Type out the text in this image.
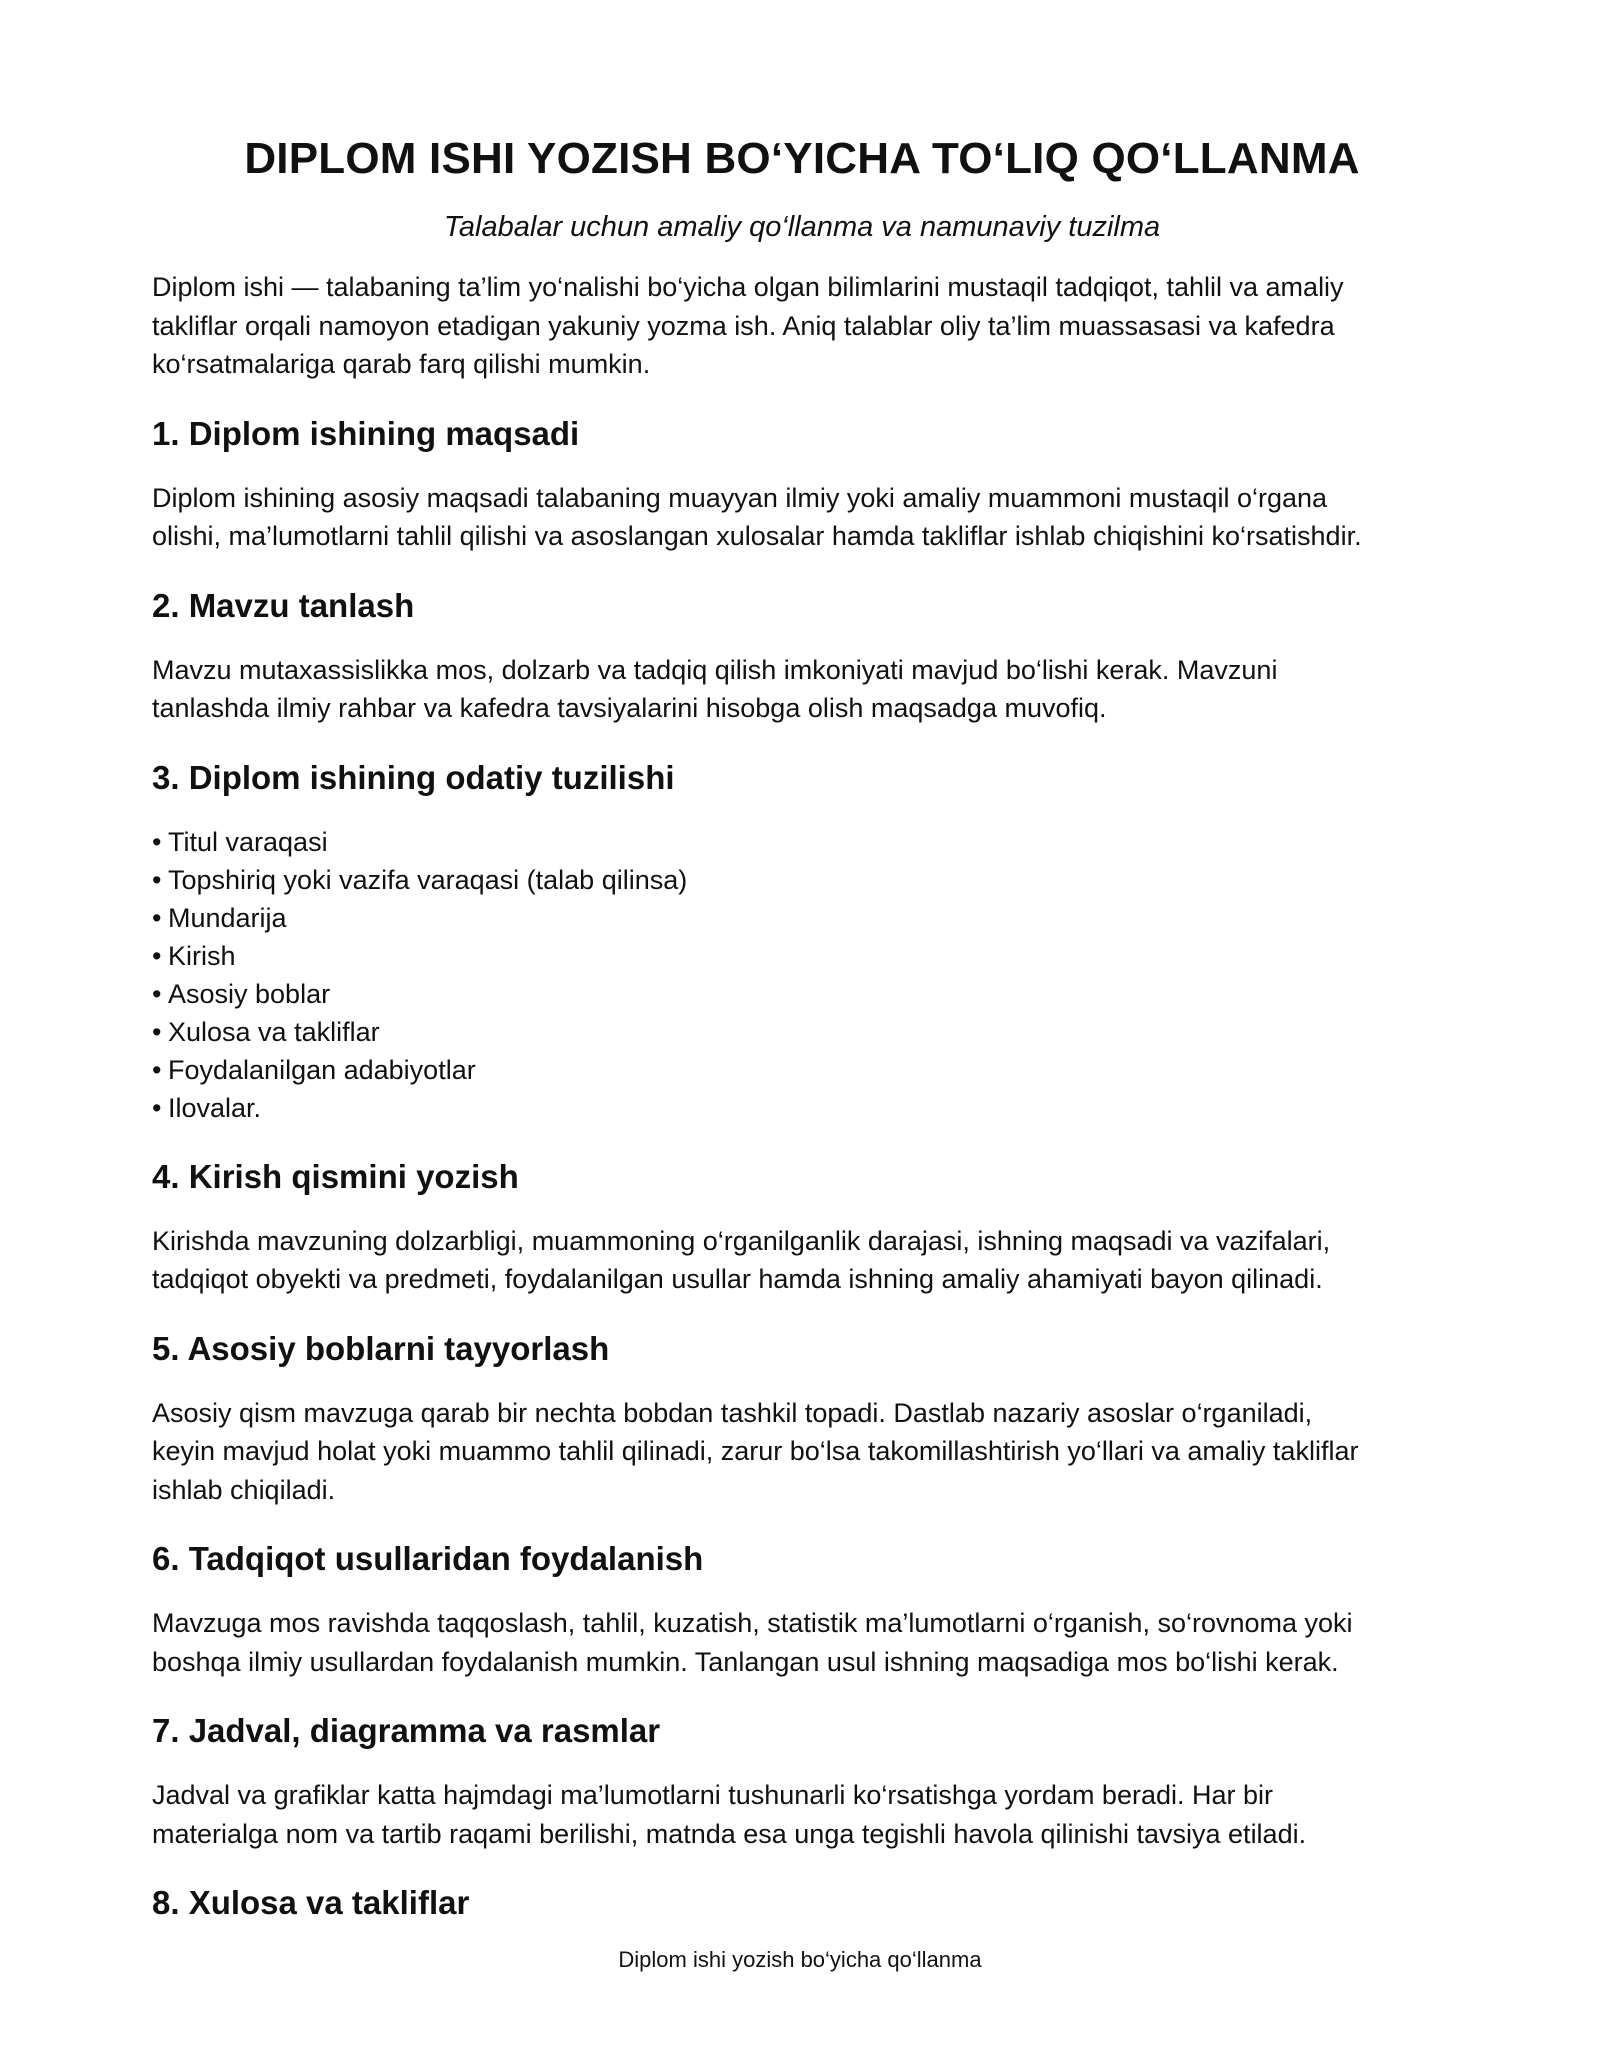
DIPLOM ISHI YOZISH BO‘YICHA TO‘LIQ QO‘LLANMA

Talabalar uchun amaliy qo‘llanma va namunaviy tuzilma

Diplom ishi — talabaning ta’lim yo‘nalishi bo‘yicha olgan bilimlarini mustaqil tadqiqot, tahlil va amaliy
takliflar orqali namoyon etadigan yakuniy yozma ish. Aniq talablar oliy ta’lim muassasasi va kafedra
ko‘rsatmalariga qarab farq qilishi mumkin.
1. Diplom ishining maqsadi
Diplom ishining asosiy maqsadi talabaning muayyan ilmiy yoki amaliy muammoni mustaqil o‘rgana
olishi, ma’lumotlarni tahlil qilishi va asoslangan xulosalar hamda takliflar ishlab chiqishini ko‘rsatishdir.
2. Mavzu tanlash
Mavzu mutaxassislikka mos, dolzarb va tadqiq qilish imkoniyati mavjud bo‘lishi kerak. Mavzuni
tanlashda ilmiy rahbar va kafedra tavsiyalarini hisobga olish maqsadga muvofiq.
3. Diplom ishining odatiy tuzilishi
• Titul varaqasi
• Topshiriq yoki vazifa varaqasi (talab qilinsa)
• Mundarija
• Kirish
• Asosiy boblar
• Xulosa va takliflar
• Foydalanilgan adabiyotlar
• Ilovalar.
4. Kirish qismini yozish
Kirishda mavzuning dolzarbligi, muammoning o‘rganilganlik darajasi, ishning maqsadi va vazifalari,
tadqiqot obyekti va predmeti, foydalanilgan usullar hamda ishning amaliy ahamiyati bayon qilinadi.
5. Asosiy boblarni tayyorlash
Asosiy qism mavzuga qarab bir nechta bobdan tashkil topadi. Dastlab nazariy asoslar o‘rganiladi,
keyin mavjud holat yoki muammo tahlil qilinadi, zarur bo‘lsa takomillashtirish yo‘llari va amaliy takliflar
ishlab chiqiladi.
6. Tadqiqot usullaridan foydalanish
Mavzuga mos ravishda taqqoslash, tahlil, kuzatish, statistik ma’lumotlarni o‘rganish, so‘rovnoma yoki
boshqa ilmiy usullardan foydalanish mumkin. Tanlangan usul ishning maqsadiga mos bo‘lishi kerak.
7. Jadval, diagramma va rasmlar
Jadval va grafiklar katta hajmdagi ma’lumotlarni tushunarli ko‘rsatishga yordam beradi. Har bir
materialga nom va tartib raqami berilishi, matnda esa unga tegishli havola qilinishi tavsiya etiladi.
8. Xulosa va takliflar
Diplom ishi yozish bo‘yicha qo‘llanma
